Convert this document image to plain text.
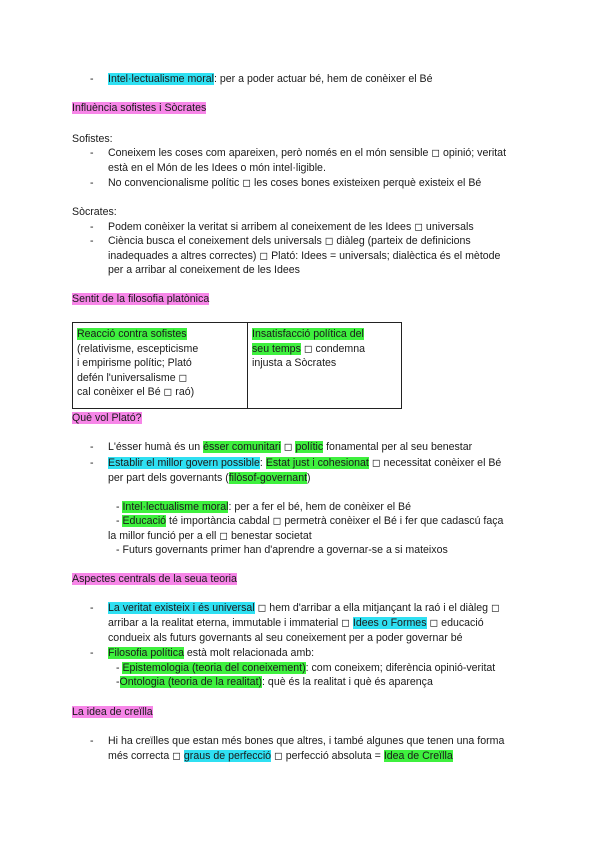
-	Intel·lectualisme moral: per a poder actuar bé, hem de conèixer el Bé
Influència sofistes i Sòcrates
Sofistes:
-	Coneixem les coses com apareixen, però només en el món sensible ◻ opinió; veritat
està en el Món de les Idees o món intel·ligible.
-	No convencionalisme polític ◻ les coses bones existeixen perquè existeix el Bé
Sòcrates:
-	Podem conèixer la veritat si arribem al coneixement de les Idees ◻ universals
-	Ciència busca el coneixement dels universals ◻ diàleg (parteix de definicions
inadequades a altres correctes) ◻ Plató: Idees = universals; dialèctica és el mètode
per a arribar al coneixement de les Idees
Sentit de la filosofia platònica
Reacció contra sofistes
(relativisme, escepticisme
i empirisme polític; Plató
defén l'universalisme ◻
cal conèixer el Bé ◻ raó)	Insatisfacció política del
seu temps ◻ condemna
injusta a Sòcrates
Què vol Plató?
-	L'ésser humà és un ésser comunitari ◻ polític fonamental per al seu benestar
-	Establir el millor govern possible: Estat just i cohesionat ◻ necessitat conèixer el Bé
per part dels governants (filòsof-governant)
- Intel·lectualisme moral: per a fer el bé, hem de conèixer el Bé
- Educació té importància cabdal ◻ permetrà conèixer el Bé i fer que cadascú faça
la millor funció per a ell ◻ benestar societat
- Futurs governants primer han d'aprendre a governar-se a si mateixos
Aspectes centrals de la seua teoria
-	La veritat existeix i és universal ◻ hem d'arribar a ella mitjançant la raó i el diàleg ◻
arribar a la realitat eterna, immutable i immaterial ◻ Idees o Formes ◻ educació
condueix als futurs governants al seu coneixement per a poder governar bé
-	Filosofia política està molt relacionada amb:
- Epistemologia (teoria del coneixement): com coneixem; diferència opinió-veritat
-Ontologia (teoria de la realitat): què és la realitat i què és aparença
La idea de creïlla
-	Hi ha creïlles que estan més bones que altres, i també algunes que tenen una forma
més correcta ◻ graus de perfecció ◻ perfecció absoluta = Idea de Creïlla
